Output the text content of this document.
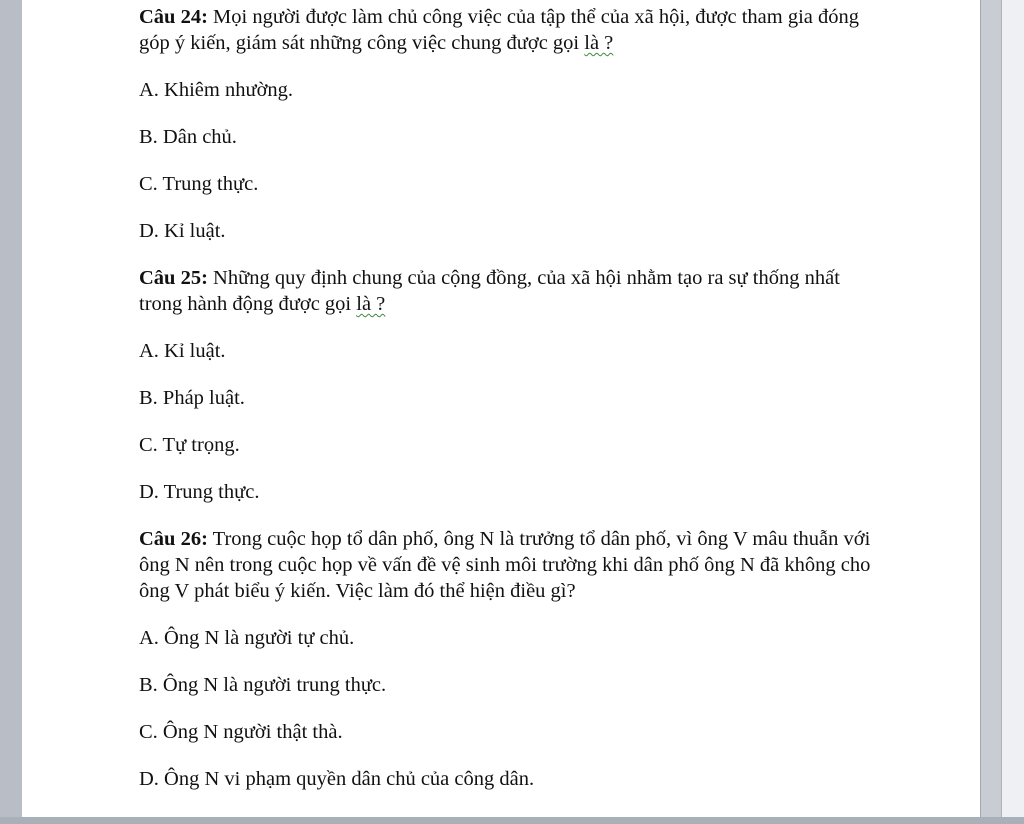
Câu 24: Mọi người được làm chủ công việc của tập thể của xã hội, được tham gia đóng góp ý kiến, giám sát những công việc chung được gọi là ?

A. Khiêm nhường.

B. Dân chủ.

C. Trung thực.

D. Kỉ luật.

Câu 25: Những quy định chung của cộng đồng, của xã hội nhằm tạo ra sự thống nhất trong hành động được gọi là ?

A. Kỉ luật.

B. Pháp luật.

C. Tự trọng.

D. Trung thực.

Câu 26: Trong cuộc họp tổ dân phố, ông N là trưởng tổ dân phố, vì ông V mâu thuẫn với ông N nên trong cuộc họp về vấn đề vệ sinh môi trường khi dân phố ông N đã không cho ông V phát biểu ý kiến. Việc làm đó thể hiện điều gì?

A. Ông N là người tự chủ.

B. Ông N là người trung thực.

C. Ông N người thật thà.

D. Ông N vi phạm quyền dân chủ của công dân.
